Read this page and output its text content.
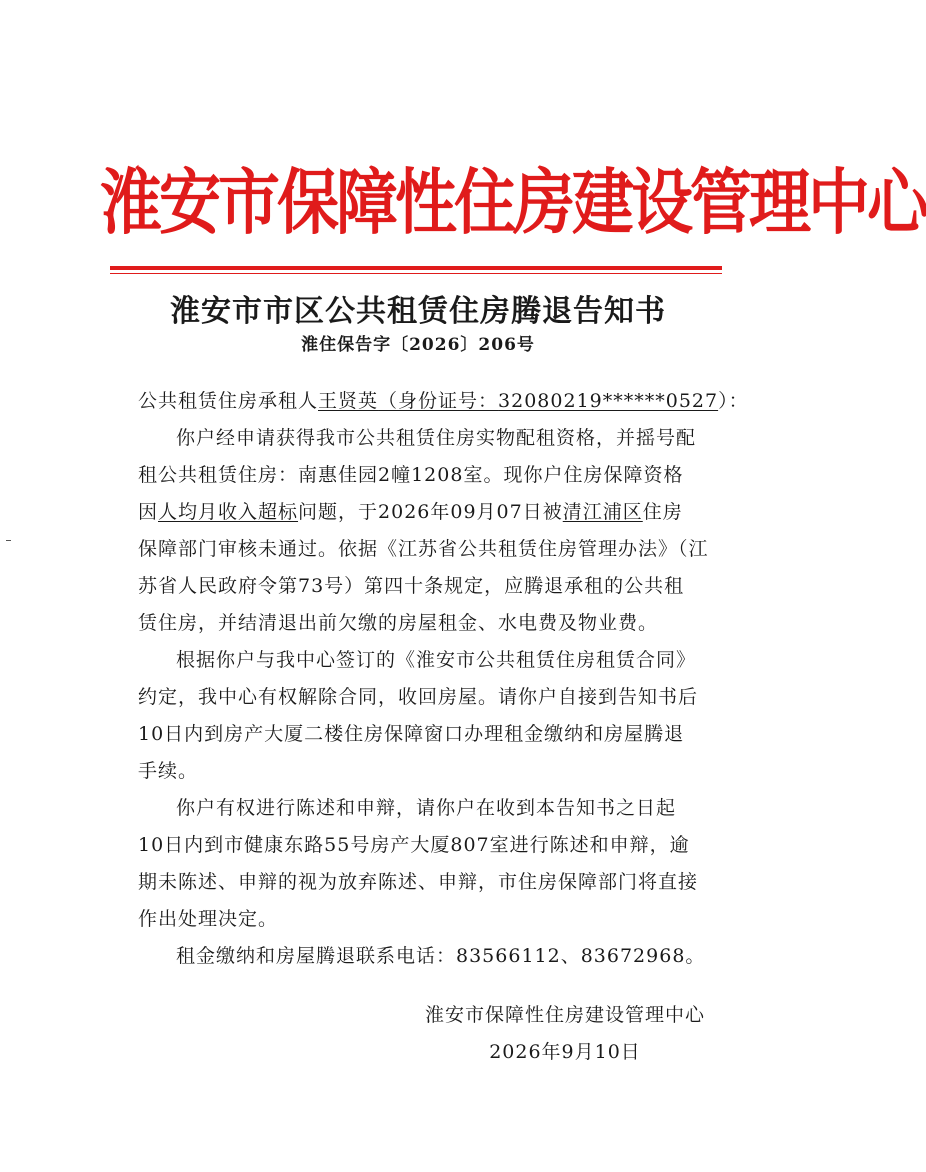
淮安市保障性住房建设管理中心
淮安市市区公共租赁住房腾退告知书
淮住保告字〔2026〕206号
公共租赁住房承租人王贤英（身份证号：32080219******0527）：
你户经申请获得我市公共租赁住房实物配租资格，并摇号配
租公共租赁住房：南惠佳园2幢1208室。现你户住房保障资格
因人均月收入超标问题，于2026年09月07日被清江浦区住房
保障部门审核未通过。依据《江苏省公共租赁住房管理办法》（江
苏省人民政府令第73号）第四十条规定，应腾退承租的公共租
赁住房，并结清退出前欠缴的房屋租金、水电费及物业费。
根据你户与我中心签订的《淮安市公共租赁住房租赁合同》
约定，我中心有权解除合同，收回房屋。请你户自接到告知书后
10日内到房产大厦二楼住房保障窗口办理租金缴纳和房屋腾退
手续。
你户有权进行陈述和申辩，请你户在收到本告知书之日起
10日内到市健康东路55号房产大厦807室进行陈述和申辩，逾
期未陈述、申辩的视为放弃陈述、申辩，市住房保障部门将直接
作出处理决定。
租金缴纳和房屋腾退联系电话：83566112、83672968。
淮安市保障性住房建设管理中心
2026年9月10日
